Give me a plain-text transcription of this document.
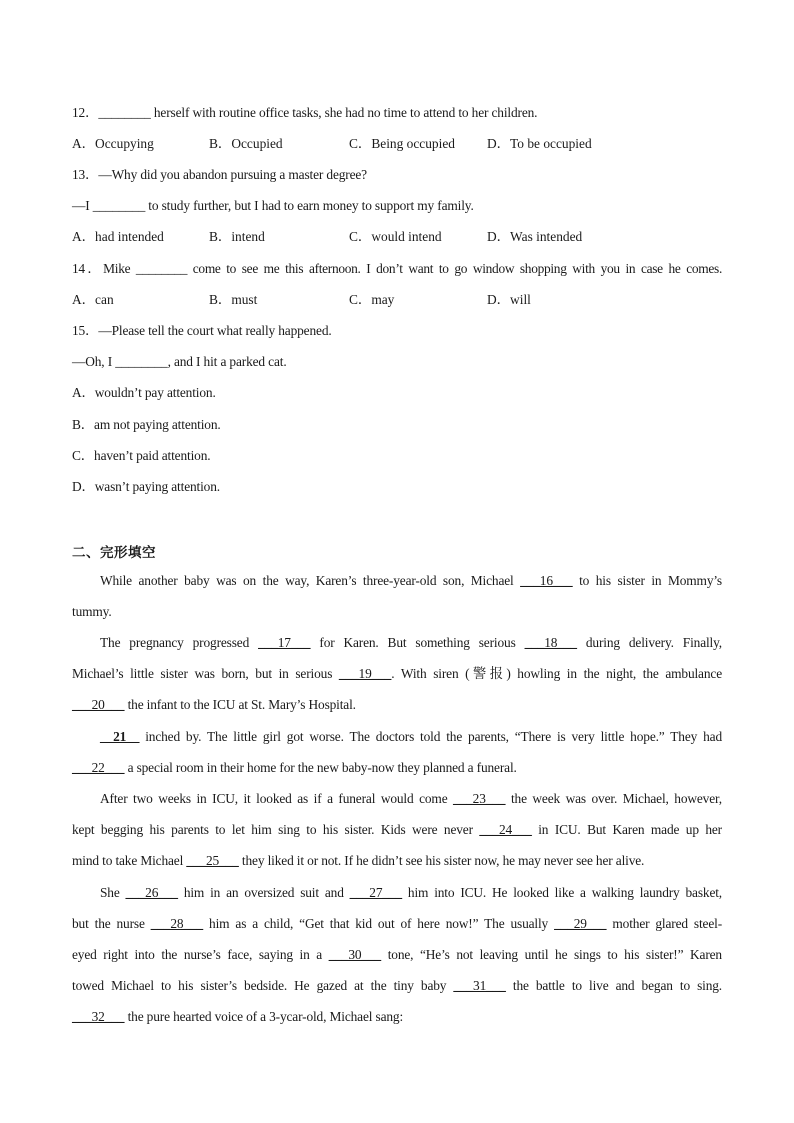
12．________ herself with routine office tasks, she had no time to attend to her children.
A．Occupying	B．Occupied	C．Being occupied D．To be occupied
13．—Why did you abandon pursuing a master degree?
—I ________ to study further, but I had to earn money to support my family.
A．had intended	B．intend	C．would intend	D．Was intended
14．Mike ________ come to see me this afternoon. I don’t want to go window shopping with you in case he comes.
A．can	B．must	C．may	D．will
15．—Please tell the court what really happened.
—Oh, I ________, and I hit a parked cat.
A．wouldn’t pay attention.
B．am not paying attention.
C．haven’t paid attention.
D．wasn’t paying attention.
二、完形填空
While another baby was on the way, Karen’s three-year-old son, Michael ___16___ to his sister in Mommy’s
tummy.
The pregnancy progressed ___17___ for Karen. But something serious ___18___ during delivery. Finally,
Michael’s little sister was born, but in serious ___19___. With siren (警报) howling in the night, the ambulance
___20___ the infant to the ICU at St. Mary’s Hospital.
__21__ inched by. The little girl got worse. The doctors told the parents, “There is very little hope.” They had
___22___ a special room in their home for the new baby-now they planned a funeral.
After two weeks in ICU, it looked as if a funeral would come ___23___ the week was over. Michael, however,
kept begging his parents to let him sing to his sister. Kids were never ___24___ in ICU. But Karen made up her
mind to take Michael ___25___ they liked it or not. If he didn’t see his sister now, he may never see her alive.
She ___26___ him in an oversized suit and ___27___ him into ICU. He looked like a walking laundry basket,
but the nurse ___28___ him as a child, “Get that kid out of here now!” The usually ___29___ mother glared steel-
eyed right into the nurse’s face, saying in a ___30___ tone, “He’s not leaving until he sings to his sister!” Karen
towed Michael to his sister’s bedside. He gazed at the tiny baby ___31___ the battle to live and began to sing.
___32___ the pure hearted voice of a 3-ycar-old, Michael sang:
